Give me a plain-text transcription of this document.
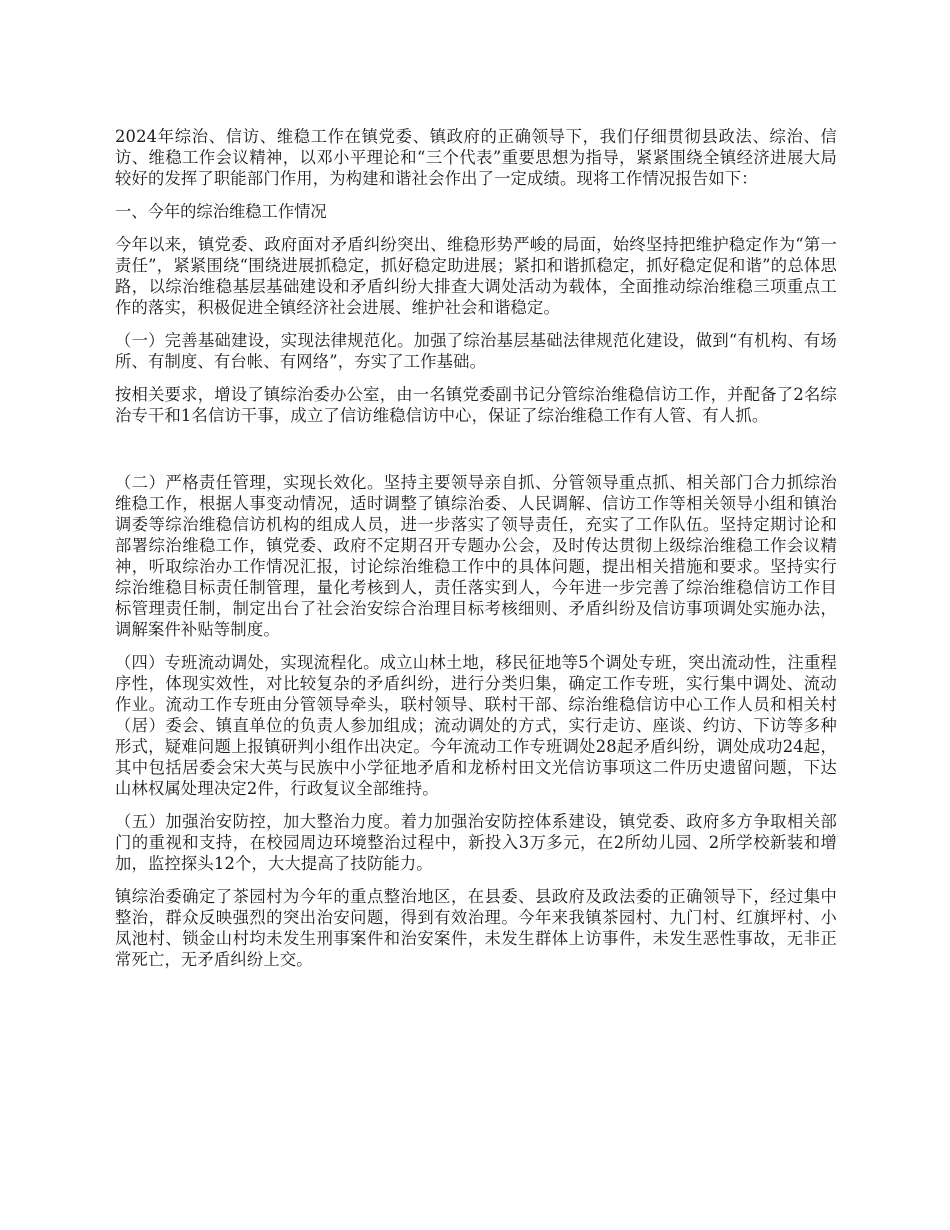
2024年综治、信访、维稳工作在镇党委、镇政府的正确领导下，我们仔细贯彻县政法、综治、信访、维稳工作会议精神，以邓小平理论和“三个代表”重要思想为指导，紧紧围绕全镇经济进展大局较好的发挥了职能部门作用，为构建和谐社会作出了一定成绩。现将工作情况报告如下：

一、今年的综治维稳工作情况

今年以来，镇党委、政府面对矛盾纠纷突出、维稳形势严峻的局面，始终坚持把维护稳定作为“第一责任”，紧紧围绕“围绕进展抓稳定，抓好稳定助进展；紧扣和谐抓稳定，抓好稳定促和谐”的总体思路，以综治维稳基层基础建设和矛盾纠纷大排查大调处活动为载体，全面推动综治维稳三项重点工作的落实，积极促进全镇经济社会进展、维护社会和谐稳定。

（一）完善基础建设，实现法律规范化。加强了综治基层基础法律规范化建设，做到“有机构、有场所、有制度、有台帐、有网络”，夯实了工作基础。

按相关要求，增设了镇综治委办公室，由一名镇党委副书记分管综治维稳信访工作，并配备了2名综治专干和1名信访干事，成立了信访维稳信访中心，保证了综治维稳工作有人管、有人抓。

（二）严格责任管理，实现长效化。坚持主要领导亲自抓、分管领导重点抓、相关部门合力抓综治维稳工作，根据人事变动情况，适时调整了镇综治委、人民调解、信访工作等相关领导小组和镇治调委等综治维稳信访机构的组成人员，进一步落实了领导责任，充实了工作队伍。坚持定期讨论和部署综治维稳工作，镇党委、政府不定期召开专题办公会，及时传达贯彻上级综治维稳工作会议精神，听取综治办工作情况汇报，讨论综治维稳工作中的具体问题，提出相关措施和要求。坚持实行综治维稳目标责任制管理，量化考核到人，责任落实到人，今年进一步完善了综治维稳信访工作目标管理责任制，制定出台了社会治安综合治理目标考核细则、矛盾纠纷及信访事项调处实施办法，调解案件补贴等制度。

（四）专班流动调处，实现流程化。成立山林土地，移民征地等5个调处专班，突出流动性，注重程序性，体现实效性，对比较复杂的矛盾纠纷，进行分类归集，确定工作专班，实行集中调处、流动作业。流动工作专班由分管领导牵头，联村领导、联村干部、综治维稳信访中心工作人员和相关村（居）委会、镇直单位的负责人参加组成；流动调处的方式，实行走访、座谈、约访、下访等多种形式，疑难问题上报镇研判小组作出决定。今年流动工作专班调处28起矛盾纠纷，调处成功24起，其中包括居委会宋大英与民族中小学征地矛盾和龙桥村田文光信访事项这二件历史遗留问题，下达山林权属处理决定2件，行政复议全部维持。

（五）加强治安防控，加大整治力度。着力加强治安防控体系建设，镇党委、政府多方争取相关部门的重视和支持，在校园周边环境整治过程中，新投入3万多元，在2所幼儿园、2所学校新装和增加，监控探头12个，大大提高了技防能力。

镇综治委确定了茶园村为今年的重点整治地区，在县委、县政府及政法委的正确领导下，经过集中整治，群众反映强烈的突出治安问题，得到有效治理。今年来我镇茶园村、九门村、红旗坪村、小凤池村、锁金山村均未发生刑事案件和治安案件，未发生群体上访事件，未发生恶性事故，无非正常死亡，无矛盾纠纷上交。
